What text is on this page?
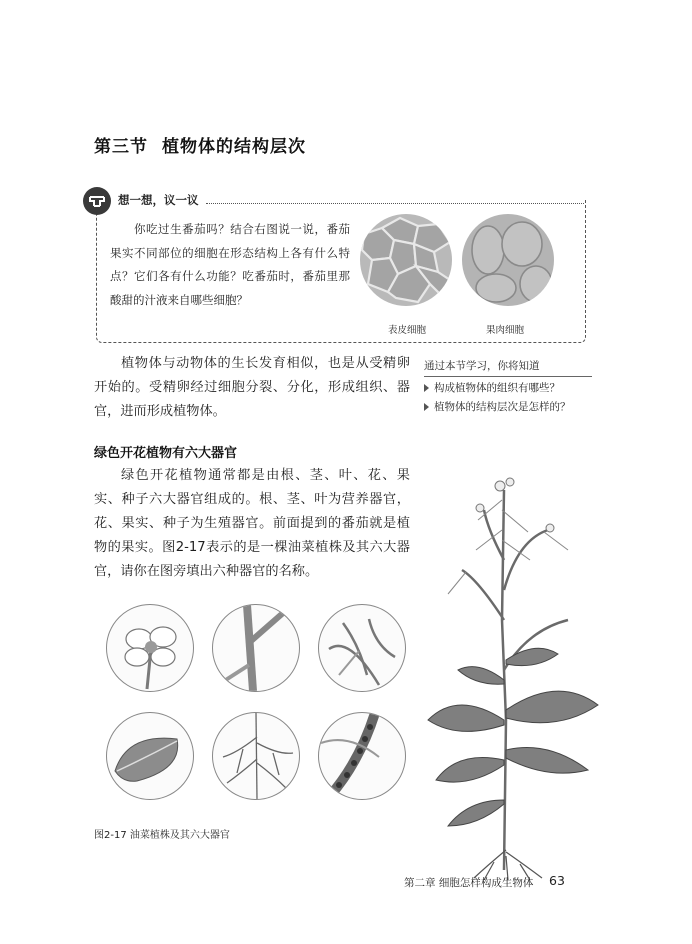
第三节 植物体的结构层次
想一想，议一议
你吃过生番茄吗？结合右图说一说，番茄果实不同部位的细胞在形态结构上各有什么特点？它们各有什么功能？吃番茄时，番茄里那酸甜的汁液来自哪些细胞？
表皮细胞	果肉细胞
植物体与动物体的生长发育相似，也是从受精卵开始的。受精卵经过细胞分裂、分化，形成组织、器官，进而形成植物体。
通过本节学习，你将知道
构成植物体的组织有哪些？
植物体的结构层次是怎样的？
绿色开花植物有六大器官
绿色开花植物通常都是由根、茎、叶、花、果实、种子六大器官组成的。根、茎、叶为营养器官，花、果实、种子为生殖器官。前面提到的番茄就是植物的果实。图2-17表示的是一棵油菜植株及其六大器官，请你在图旁填出六种器官的名称。
图2-17 油菜植株及其六大器官
第二章 细胞怎样构成生物体 63
